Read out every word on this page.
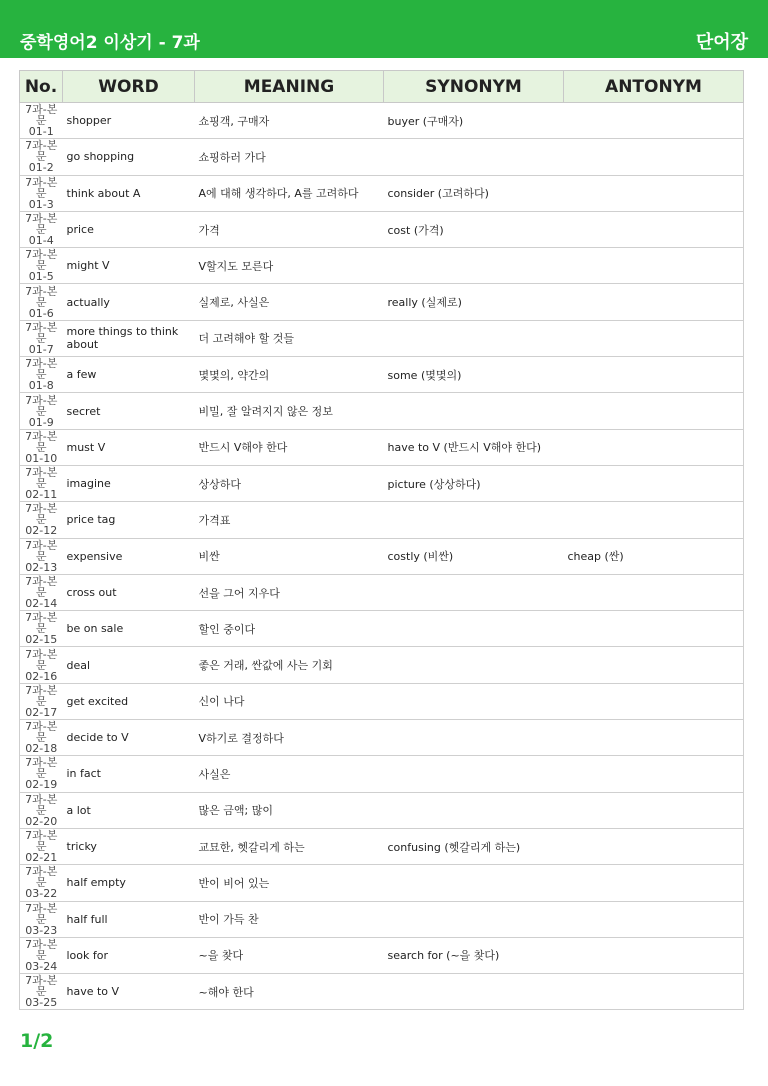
중학영어2 이상기 - 7과	단어장
No.	WORD	MEANING	SYNONYM	ANTONYM

7과-본문
01-1	shopper	쇼핑객, 구매자	buyer (구매자)	

7과-본문
01-2	go shopping	쇼핑하러 가다		

7과-본문
01-3	think about A	A에 대해 생각하다, A를 고려하다	consider (고려하다)	

7과-본문
01-4	price	가격	cost (가격)	

7과-본문
01-5	might V	V할지도 모른다		

7과-본문
01-6	actually	실제로, 사실은	really (실제로)	

7과-본문
01-7	more things to think about	더 고려해야 할 것들		

7과-본문
01-8	a few	몇몇의, 약간의	some (몇몇의)	

7과-본문
01-9	secret	비밀, 잘 알려지지 않은 정보		

7과-본문
01-10	must V	반드시 V해야 한다	have to V (반드시 V해야 한다)	

7과-본문
02-11	imagine	상상하다	picture (상상하다)	

7과-본문
02-12	price tag	가격표		

7과-본문
02-13	expensive	비싼	costly (비싼)	cheap (싼)

7과-본문
02-14	cross out	선을 그어 지우다		

7과-본문
02-15	be on sale	할인 중이다		

7과-본문
02-16	deal	좋은 거래, 싼값에 사는 기회		

7과-본문
02-17	get excited	신이 나다		

7과-본문
02-18	decide to V	V하기로 결정하다		

7과-본문
02-19	in fact	사실은		

7과-본문
02-20	a lot	많은 금액; 많이		

7과-본문
02-21	tricky	교묘한, 헷갈리게 하는	confusing (헷갈리게 하는)	

7과-본문
03-22	half empty	반이 비어 있는		

7과-본문
03-23	half full	반이 가득 찬		

7과-본문
03-24	look for	~을 찾다	search for (~을 찾다)	

7과-본문
03-25	have to V	~해야 한다		
1/2
